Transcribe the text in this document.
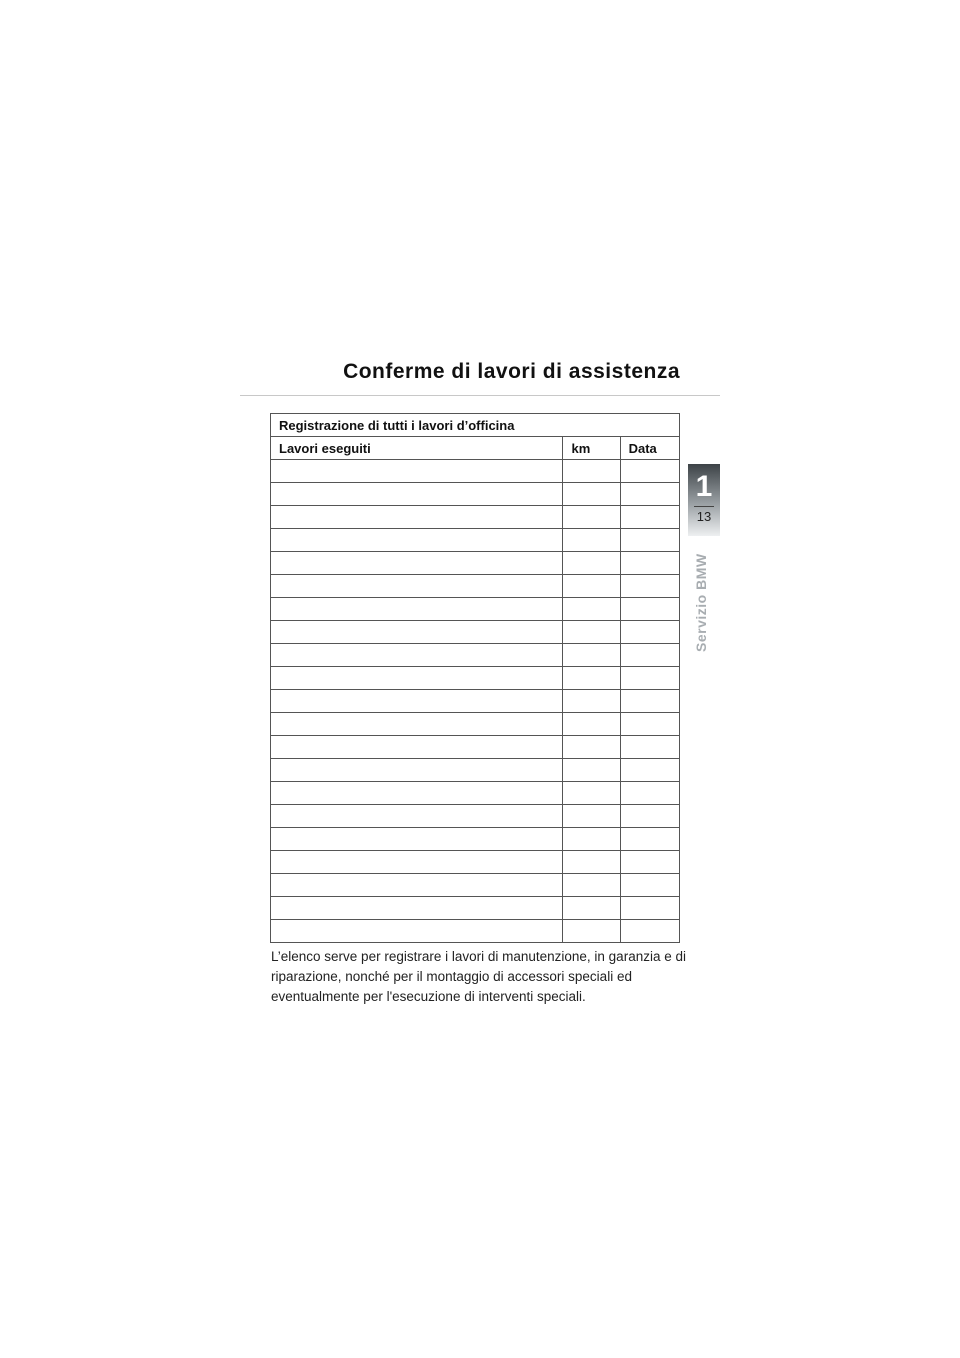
Conferme di lavori di assistenza
Registrazione di tutti i lavori d’officina		
Lavori eseguiti	km	Data

L’elenco serve per registrare i lavori di manutenzione, in garanzia e di riparazione, nonché per il montaggio di accessori speciali ed eventualmente per l'esecuzione di interventi speciali.

1
13
Servizio BMW
